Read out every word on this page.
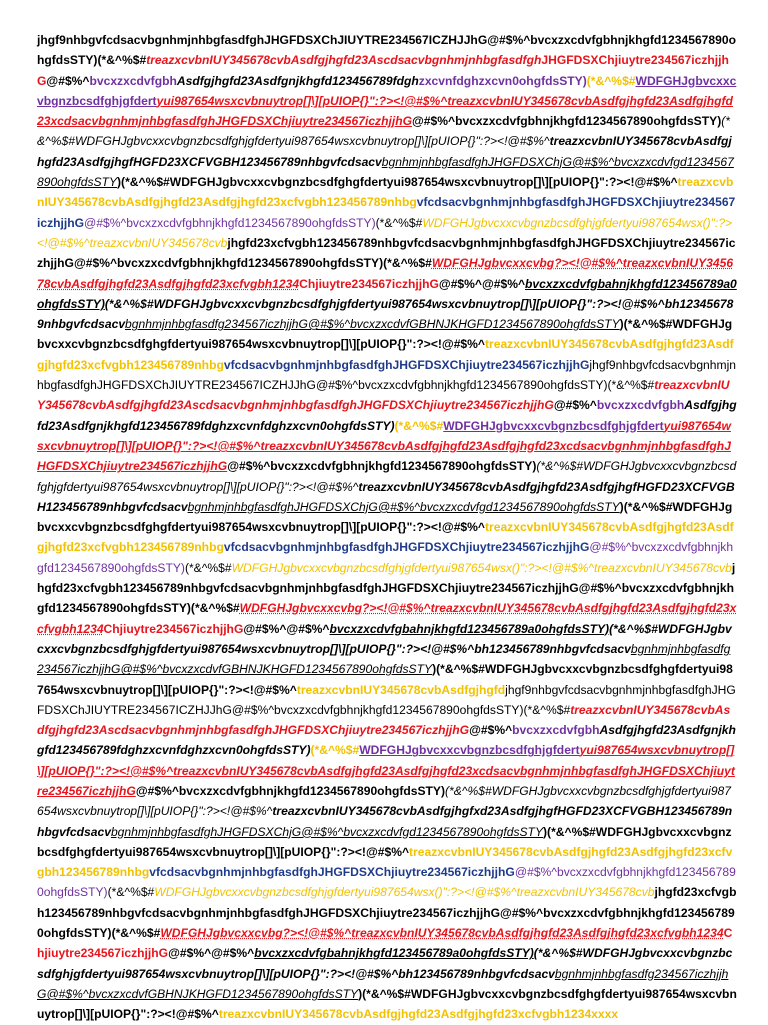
jhgf9nhbgvfcdsacvbgnhmjnhbgfasdfghJHGFDSXChJIUYTRE234567ICZHJJhG@#$%^bvcxzxcdvfgbhnjkhgfd1234567890ohgfdsSTY)(*&^%$#treazxcvbnIUY345678cvbAsdfgjhgfd23AscdsacvbgnhmjnhbgfasdfghJHGFDSXChjiuytre234567iczhjjhG@#$%^bvcxzxcdvfgbhAsdfgjhgfd23Asdfgnjkhgfd123456789fdghzxcvnfdghzxcvn0ohgfdsSTY)(*&^%$#WDFGHJgbvcxxcvbgnzbcsdfghjgfdertyui987654wsxcvbnuytrop[]\][pUIOP{}":?><!@#$%^treazxcvbnIUY345678cvbAsdfgjhgfd23Asdfgjhgfd23xcdsacvbgnhmjnhbgfasdfghJHGFDSXChjiuytre234567iczhjjhG@#$%^bvcxzxcdvfgbhnjkhgfd1234567890ohgfdsSTY)(*&^%$#WDFGHJgbvcxxcvbgnzbcsdfghjgfdertyui987654wsxcvbnuytrop[]\][pUIOP{}":?><!@#$%^treazxcvbnIUY345678cvbAsdfgjhgfd23AsdfgjhgfHGFD23XCFVGBH123456789nhbgvfcdsacvbgnhmjnhbgfasdfghJHGFDSXChjG@#$%^bvcxzxcdvfgd1234567890ohgfdsSTY)(*&^%$#WDFGHJgbvcxxcvbgnzbcsdfghgfdertyui987654wsxcvbnuytrop[]\][pUIOP{}":?><!@#$%^treazxcvbnIUY345678cvbAsdfgjhgfd23Asdfgjhgfd23xcfvgbh123456789nhbgvfcdsacvbgnhmjnhbgfasdfghJHGFDSXChjiuytre234567iczhjjhG@#$%^bvcxzxcdvfgbhnjkhgfd1234567890ohgfdsSTY)(*&^%$#WDFGHJgbvcxxcvbgnzbcsdfghjgfdertyui987654wsx()":?><!@#$%^treazxcvbnIUY345678cvbjhgfd23xcfvgbh123456789nhbgvfcdsacvbgnhmjnhbgfasdfghJHGFDSXChjiuytre234567iczhjjhG@#$%^bvcxzxcdvfgbhnjkhgfd1234567890ohgfdsSTY)(*&^%$#WDFGHJgbvcxxcvbg?><!@#$%^treazxcvbnIUY345678cvbAsdfgjhgfd23Asdfgjhgfd23xcfvgbh1234Chjiuytre234567iczhjjhG@#$%^@#$%^bvcxzxcdvfgbahnjkhgfd123456789a0ohgfdsSTY)(*&^%$#WDFGHJgbvcxxcvbgnzbcsdfghjgfdertyui987654wsxcvbnuytrop[]\][pUIOP{}":?><!@#$%^bh123456789nhbgvfcdsacvbgnhmjnhbgfasdfg234567iczhjjhG@#$%^bvcxzxcdvfGBHNJKHGFD1234567890ohgfdsSTY)(*&^%$#WDFGHJgbvcxxcvbgnzbcsdfghgfdertyui987654wsxcvbnuytrop[]\][pUIOP{}":?><!@#$%^treazxcvbnIUY345678cvbAsdfgjhgfd23Asdfgjhgfd23xcfvgbh123456789nhbgvfcdsacvbgnhmjnhbgfasdfghJHGFDSXChjiuytre234567iczhjjhGjhgf9nhbgvfcdsacvbgnhmjnhbgfasdfghJHGFDSXChJIUYTRE234567ICZHJJhG@#$%^bvcxzxcdvfgbhnjkhgfd1234567890ohgfdsSTY)(*&^%$#treazxcvbnIUY345678cvbAsdfgjhgfd23AscdsacvbgnhmjnhbgfasdfghJHGFDSXChjiuytre234567iczhjjhG@#$%^bvcxzxcdvfgbhAsdfgjhgfd23Asdfgnjkhgfd123456789fdghzxcvnfdghzxcvn0ohgfdsSTY)(*&^%$#WDFGHJgbvcxxcvbgnzbcsdfghjgfdertyui987654wsxcvbnuytrop[]\][pUIOP{}":?><!@#$%^treazxcvbnIUY345678cvbAsdfgjhgfd23Asdfgjhgfd23xcdsacvbgnhmjnhbgfasdfghJHGFDSXChjiuytre234567iczhjjhG@#$%^bvcxzxcdvfgbhnjkhgfd1234567890ohgfdsSTY)(*&^%$#WDFGHJgbvcxxcvbgnzbcsdfghjgfdertyui987654wsxcvbnuytrop[]\][pUIOP{}":?><!@#$%^treazxcvbnIUY345678cvbAsdfgjhgfd23AsdfgjhgfHGFD23XCFVGBH123456789nhbgvfcdsacvbgnhmjnhbgfasdfghJHGFDSXChjG@#$%^bvcxzxcdvfgd1234567890ohgfdsSTY)(*&^%$#WDFGHJgbvcxxcvbgnzbcsdfghgfdertyui987654wsxcvbnuytrop[]\][pUIOP{}":?><!@#$%^treazxcvbnIUY345678cvbAsdfgjhgfd23Asdfgjhgfd23xcfvgbh123456789nhbgvfcdsacvbgnhmjnhbgfasdfghJHGFDSXChjiuytre234567iczhjjhG@#$%^bvcxzxcdvfgbhnjkhgfd1234567890ohgfdsSTY)(*&^%$#WDFGHJgbvcxxcvbgnzbcsdfghjgfdertyui987654wsx()":?><!@#$%^treazxcvbnIUY345678cvbjhgfd23xcfvgbh123456789nhbgvfcdsacvbgnhmjnhbgfasdfghJHGFDSXChjiuytre234567iczhjjhG@#$%^bvcxzxcdvfgbhnjkhgfd1234567890ohgfdsSTY)(*&^%$#WDFGHJgbvcxxcvbg?><!@#$%^treazxcvbnIUY345678cvbAsdfgjhgfd23Asdfgjhgfd23xcfvgbh1234Chjiuytre234567iczhjjhG@#$%^@#$%^bvcxzxcdvfgbahnjkhgfd123456789a0ohgfdsSTY)(*&^%$#WDFGHJgbvcxxcvbgnzbcsdfghjgfdertyui987654wsxcvbnuytrop[]\][pUIOP{}":?><!@#$%^bh123456789nhbgvfcdsacvbgnhmjnhbgfasdfg234567iczhjjhG@#$%^bvcxzxcdvfGBHNJKHGFD1234567890ohgfdsSTY)(*&^%$#WDFGHJgbvcxxcvbgnzbcsdfghgfdertyui987654wsxcvbnuytrop[]\][pUIOP{}":?><!@#$%^treazxcvbnIUY345678cvbAsdfgjhgfdjhgf9nhbgvfcdsacvbgnhmjnhbgfasdfghJHGFDSXChJIUYTRE234567ICZHJJhG@#$%^bvcxzxcdvfgbhnjkhgfd1234567890ohgfdsSTY)(*&^%$#treazxcvbnIUY345678cvbAsdfgjhgfd23AscdsacvbgnhmjnhbgfasdfghJHGFDSXChjiuytre234567iczhjjhG@#$%^bvcxzxcdvfgbhAsdfgjhgfd23Asdfgnjkhgfd123456789fdghzxcvnfdghzxcvn0ohgfdsSTY)(*&^%$#WDFGHJgbvcxxcvbgnzbcsdfghjgfdertyui987654wsxcvbnuytrop[]\][pUIOP{}":?><!@#$%^treazxcvbnIUY345678cvbAsdfgjhgfd23Asdfgjhgfd23xcdsacvbgnhmjnhbgfasdfghJHGFDSXChjiuytre234567iczhjjhG@#$%^bvcxzxcdvfgbhnjkhgfd1234567890ohgfdsSTY)(*&^%$#WDFGHJgbvcxxcvbgnzbcsdfghjgfdertyui987654wsxcvbnuytrop[]\][pUIOP{}":?><!@#$%^treazxcvbnIUY345678cvbAsdfgjhgfxd23AsdfgjhgfHGFD23XCFVGBH123456789nhbgvfcdsacvbgnhmjnhbgfasdfghJHGFDSXChjG@#$%^bvcxzxcdvfgd1234567890ohgfdsSTY)(*&^%$#WDFGHJgbvcxxcvbgnzbcsdfghgfdertyui987654wsxcvbnuytrop[]\][pUIOP{}":?><!@#$%^treazxcvbnIUY345678cvbAsdfgjhgfd23Asdfgjhgfd23xcfvgbh123456789nhbgvfcdsacvbgnhmjnhbgfasdfghJHGFDSXChjiuytre234567iczhjjhG@#$%^bvcxzxcdvfgbhnjkhgfd1234567890ohgfdsSTY)(*&^%$#WDFGHJgbvcxxcvbgnzbcsdfghjgfdertyui987654wsx()":?><!@#$%^treazxcvbnIUY345678cvbjhgfd23xcfvgbh123456789nhbgvfcdsacvbgnhmjnhbgfasdfghJHGFDSXChjiuytre234567iczhjjhG@#$%^bvcxzxcdvfgbhnjkhgfd1234567890ohgfdsSTY)(*&^%$#WDFGHJgbvcxxcvbg?><!@#$%^treazxcvbnIUY345678cvbAsdfgjhgfd23Asdfgjhgfd23xcfvgbh1234Chjiuytre234567iczhjjhG@#$%^@#$%^bvcxzxcdvfgbahnjkhgfd123456789a0ohgfdsSTY)(*&^%$#WDFGHJgbvcxxcvbgnzbcsdfghjgfdertyui987654wsxcvbnuytrop[]\][pUIOP{}":?><!@#$%^bh123456789nhbgvfcdsacvbgnhmjnhbgfasdfg234567iczhjjhG@#$%^bvcxzxcdvfGBHNJKHGFD1234567890ohgfdsSTY)(*&^%$#WDFGHJgbvcxxcvbgnzbcsdfghgfdertyui987654wsxcvbnuytrop[]\][pUIOP{}":?><!@#$%^treazxcvbnIUY345678cvbAsdfgjhgfd23Asdfgjhgfd23xcfvgbh1234xxxx
